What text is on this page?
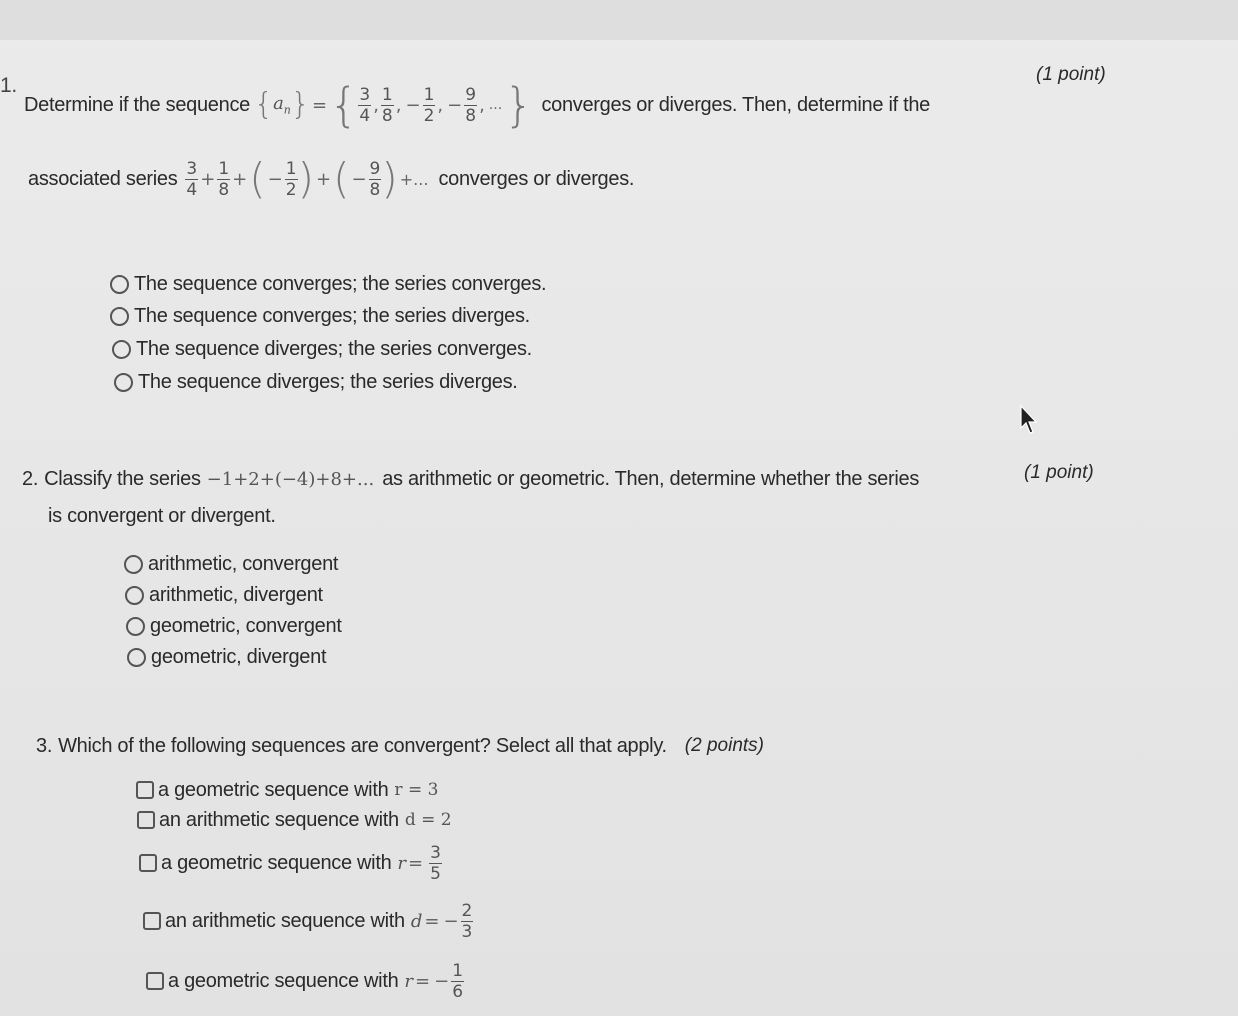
1.	(1 point)
Determine if the sequence { $a_n$ } = { $\frac{3}{4}$ , $\frac{1}{8}$ , − $\frac{1}{2}$ , − $\frac{9}{8}$ , ... } converges or diverges. Then, determine if the
associated series $\frac{3}{4} + \frac{1}{8}$ + ( − $\frac{1}{2}$ ) + ( − $\frac{9}{8}$ ) +... converges or diverges.
The sequence converges; the series converges.
The sequence converges; the series diverges.
The sequence diverges; the series converges.
The sequence diverges; the series diverges.
(1 point)
2. Classify the series −1+2+(−4)+8+... as arithmetic or geometric. Then, determine whether the series
is convergent or divergent.
arithmetic, convergent
arithmetic, divergent
geometric, convergent
geometric, divergent
3. Which of the following sequences are convergent? Select all that apply. (2 points)
a geometric sequence with r = 3
an arithmetic sequence with d = 2
a geometric sequence with $r = \frac{3}{5}$
an arithmetic sequence with d = − $\frac{2}{3}$
a geometric sequence with r = − $\frac{1}{6}$
